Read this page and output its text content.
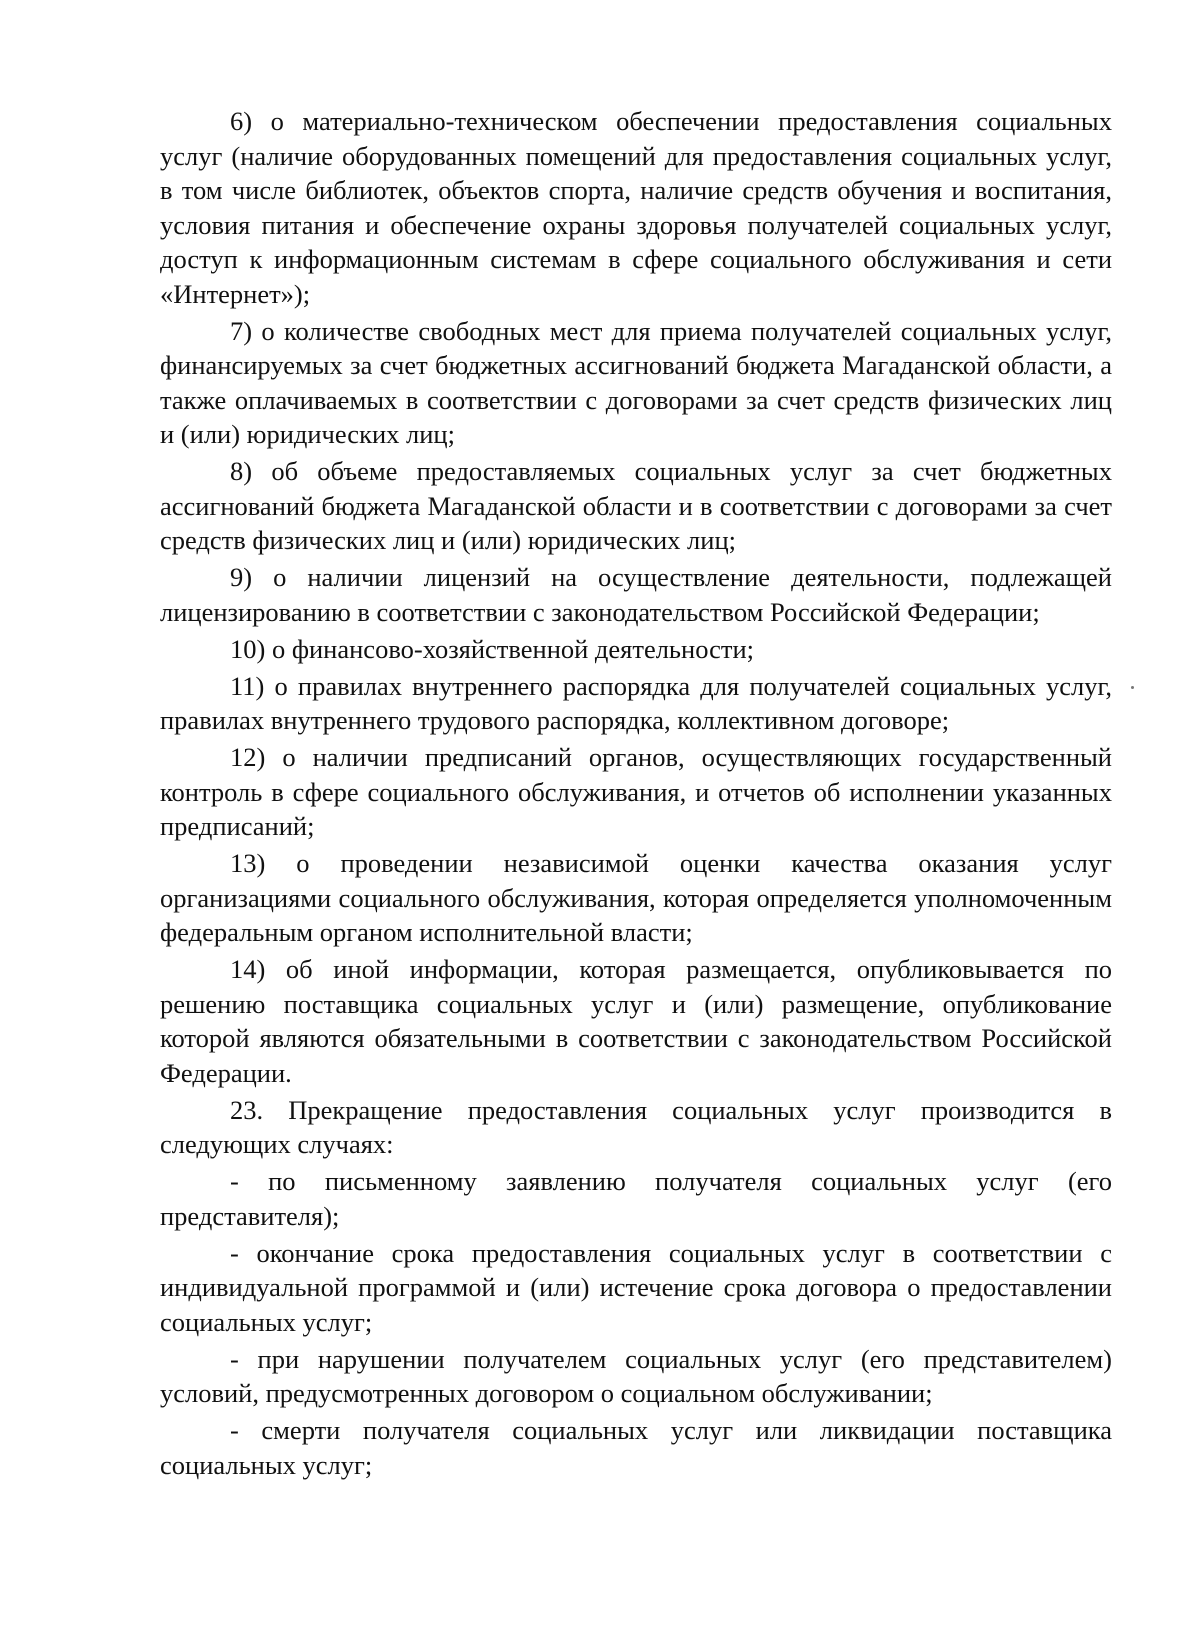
6) о материально-техническом обеспечении предоставления социальных услуг (наличие оборудованных помещений для предоставления социальных услуг, в том числе библиотек, объектов спорта, наличие средств обучения и воспитания, условия питания и обеспечение охраны здоровья получателей социальных услуг, доступ к информационным системам в сфере социального обслуживания и сети «Интернет»);

7) о количестве свободных мест для приема получателей социальных услуг, финансируемых за счет бюджетных ассигнований бюджета Магаданской области, а также оплачиваемых в соответствии с договорами за счет средств физических лиц и (или) юридических лиц;

8) об объеме предоставляемых социальных услуг за счет бюджетных ассигнований бюджета Магаданской области и в соответствии с договорами за счет средств физических лиц и (или) юридических лиц;

9) о наличии лицензий на осуществление деятельности, подлежащей лицензированию в соответствии с законодательством Российской Федерации;

10) о финансово-хозяйственной деятельности;

11) о правилах внутреннего распорядка для получателей социальных услуг, правилах внутреннего трудового распорядка, коллективном договоре;

12) о наличии предписаний органов, осуществляющих государственный контроль в сфере социального обслуживания, и отчетов об исполнении указанных предписаний;

13) о проведении независимой оценки качества оказания услуг организациями социального обслуживания, которая определяется уполномоченным федеральным органом исполнительной власти;

14) об иной информации, которая размещается, опубликовывается по решению поставщика социальных услуг и (или) размещение, опубликование которой являются обязательными в соответствии с законодательством Российской Федерации.

23. Прекращение предоставления социальных услуг производится в следующих случаях:

- по письменному заявлению получателя социальных услуг (его представителя);

- окончание срока предоставления социальных услуг в соответствии с индивидуальной программой и (или) истечение срока договора о предоставлении социальных услуг;

- при нарушении получателем социальных услуг (его представителем) условий, предусмотренных договором о социальном обслуживании;

- смерти получателя социальных услуг или ликвидации поставщика социальных услуг;
